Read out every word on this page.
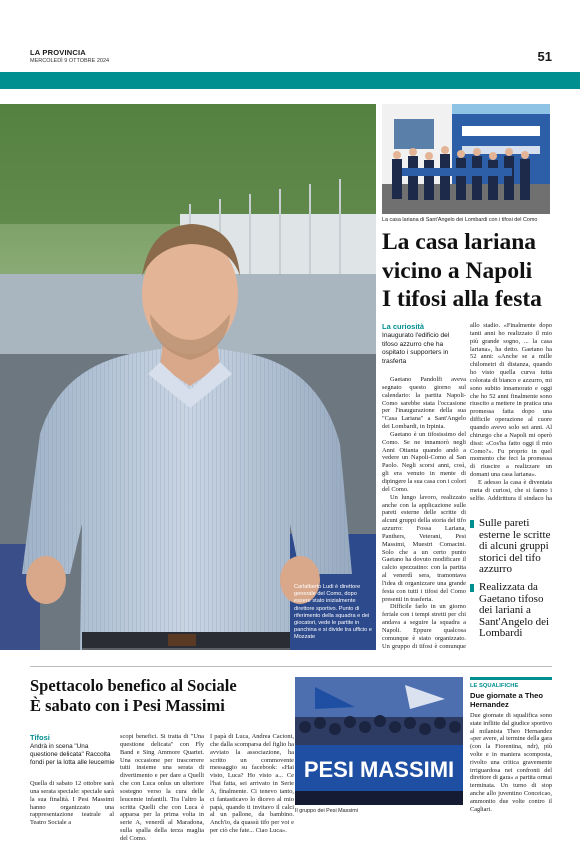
LA PROVINCIA
MERCOLEDÌ 9 OTTOBRE 2024	51
Carlalberto Ludi è direttore generale del Como, dopo essere stato inizialmente direttore sportivo. Punto di riferimento della squadra e dei giocatori, vede le partite in panchina e si divide tra ufficio e Mozzate
La casa lariana di Sant'Angelo dei Lombardi con i tifosi del Como
La casa lariana
vicino a Napoli
I tifosi alla festa
La curiosità
Inaugurato l'edificio del tifoso azzurro che ha ospitato i supporters in trasferta

Gaetano Pandolfi aveva segnato questo giorno sul calendario: la partita Napoli-Como sarebbe stata l'occasione per l'inaugurazione della sua "Casa Lariana" a Sant'Angelo dei Lombardi, in Irpinia.

Gaetano è un tifosissimo del Como. Se ne innamorò negli Anni Ottanta quando andò a vedere un Napoli-Como al San Paolo. Negli scorsi anni, così, gli era venuto in mente di dipingere la sua casa con i colori del Como.

Un lungo lavoro, realizzato anche con la applicazione sulle pareti esterne delle scritte di alcuni gruppi della storia del tifo azzurro: Fossa Lariana, Panthers, Veterani, Pesi Massimi, Muestri Comacini. Solo che a un certo punto Gaetano ha dovuto modificare il calcio spezzatino: con la partita al venerdì sera, tramontava l'idea di organizzare una grande festa con tutti i tifosi del Como presenti in trasferta.

Difficile farlo in un giorno feriale con i tempi stretti per chi andava a seguire la squadra a Napoli. Eppure qualcosa comunque è stato organizzato. Un gruppo di tifosi è comunque

allo stadio. «Finalmente dopo tanti anni ho realizzato il mio più grande sogno, ... la casa lariana», ha detto. Gaetano ha 52 anni: «Anche se a mille chilometri di distanza, quando ho visto quella curva tutta colorata di bianco e azzurro, mi sono subito innamorato e oggi che ho 52 anni finalmente sono riuscito a mettere in pratica una promessa fatta dopo una difficile operazione al cuore quando avevo solo sei anni. Al chirurgo che a Napoli mi operò dissi: «Cos'ha fatto oggi il mio Como?». Fu proprio in quel momento che feci la promessa di riuscire a realizzare un domani una casa lariana».

E adesso la casa è diventata meta di curiosi, che si fanno i selfie. Addirittura il sindaco ha

Sulle pareti esterne le scritte di alcuni gruppi storici del tifo azzurro
Realizzata da Gaetano tifoso dei lariani a Sant'Angelo dei Lombardi
Spettacolo benefico al Sociale
È sabato con i Pesi Massimi
Tifosi
Andrà in scena "Una questione delicata" Raccolta fondi per la lotta alle leucemie

Quella di sabato 12 ottobre sarà una serata speciale: speciale sarà la sua finalità. I Pesi Massimi hanno organizzato una rappresentazione teatrale al Teatro Sociale a

scopi benefici. Si tratta di "Una questione delicata" con Fly Band e Sing Ammore Quartet. Una occasione per trascorrere tutti insieme una serata di divertimento e per dare a Quelli che con Luca onlus un ulteriore sostegno verso la cura delle leucemie infantili. Tra l'altro la scritta Quelli che con Luca è apparsa per la prima volta in serie A, venerdì al Maradona, sulla spalla della terza maglia del Como.

I papà di Luca, Andrea Cacioni, che dalla scomparsa del figlio ha avviato la associazione, ha scritto un commovente messaggio su facebook: «Hai visto, Luca? Ho visto a... Ce l'hai fatta, sei arrivato in Serie A, finalmente. Ci tenevo tanto, ci fantasticavo lo dicevo al mio papà, quando ti invitavo il calci al un pallone, da bambino. Anch'io, da quassù tifo per voi e per ciò che fate... Ciao Luca».

PESI MASSIMI
Il gruppo dei Pesi Massimi
LE SQUALIFICHE
Due giornate a Theo Hernandez
Due giornate di squalifica sono state inflitte dal giudice sportivo al milanista Theo Hernandez «per avere, al termine della gara (con la Fiorentina, ndr), più volte e in maniera scomposta, rivolto una critica gravemente irriguardosa nei confronti del direttore di gara» a partita ormai terminata. Un turno di stop anche allo juventino Conceicao, ammonito due volte contro il Cagliari.
